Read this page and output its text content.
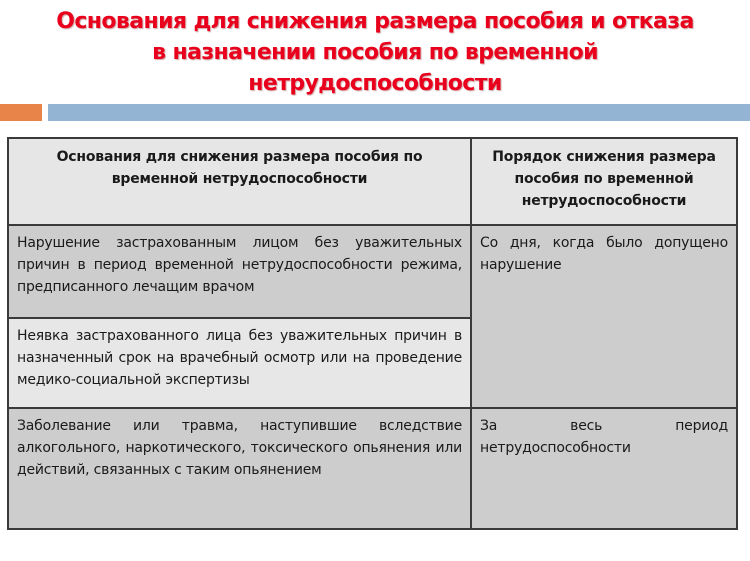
Основания для снижения размера пособия и отказа
в назначении пособия по временной
нетрудоспособности
Основания для снижения размера пособия по временной нетрудоспособности	Порядок снижения размера пособия по временной нетрудоспособности
Нарушение застрахованным лицом без уважительных причин в период временной нетрудоспособности режима, предписанного лечащим врачом	Со дня, когда было допущено нарушение
Неявка застрахованного лица без уважительных причин в назначенный срок на врачебный осмотр или на проведение медико-социальной экспертизы	
Заболевание или травма, наступившие вследствие алкогольного, наркотического, токсического опьянения или действий, связанных с таким опьянением	За весь период нетрудоспособности
